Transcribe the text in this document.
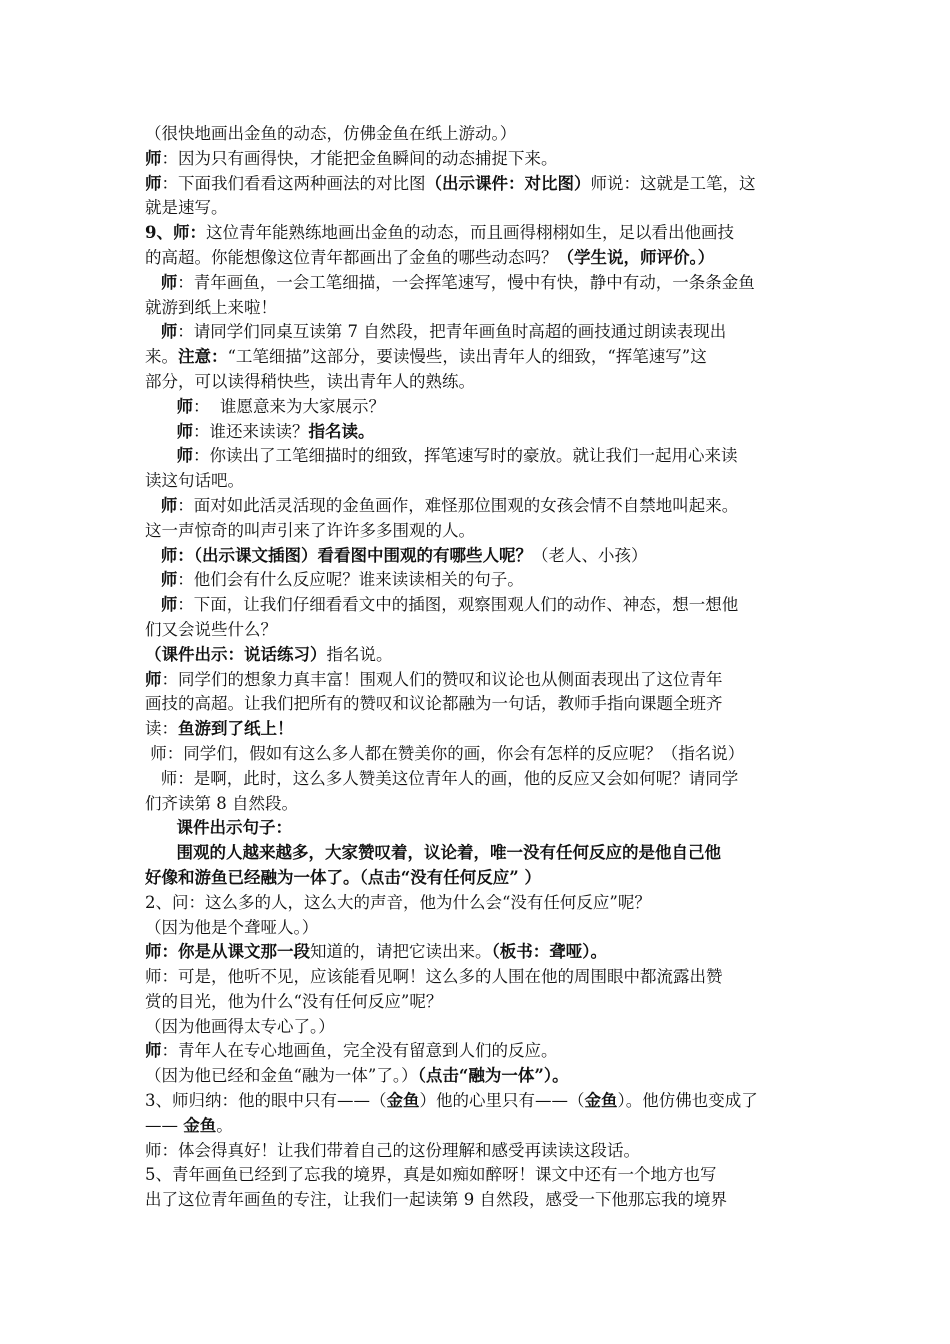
（很快地画出金鱼的动态，仿佛金鱼在纸上游动。）
师：因为只有画得快，才能把金鱼瞬间的动态捕捉下来。
师：下面我们看看这两种画法的对比图（出示课件：对比图）师说：这就是工笔，这
就是速写。
9、师：这位青年能熟练地画出金鱼的动态，而且画得栩栩如生，足以看出他画技
的高超。你能想像这位青年都画出了金鱼的哪些动态吗？（学生说，师评价。）
师：青年画鱼，一会工笔细描，一会挥笔速写，慢中有快，静中有动，一条条金鱼
就游到纸上来啦！
师：请同学们同桌互读第 7 自然段，把青年画鱼时高超的画技通过朗读表现出
来。注意：“工笔细描”这部分，要读慢些，读出青年人的细致，“挥笔速写”这
部分，可以读得稍快些，读出青年人的熟练。
师：  谁愿意来为大家展示？
师：谁还来读读？指名读。
师：你读出了工笔细描时的细致，挥笔速写时的豪放。就让我们一起用心来读
读这句话吧。
师：面对如此活灵活现的金鱼画作，难怪那位围观的女孩会情不自禁地叫起来。
这一声惊奇的叫声引来了许许多多围观的人。
师：（出示课文插图）看看图中围观的有哪些人呢？（老人、小孩）
师：他们会有什么反应呢？谁来读读相关的句子。
师：下面，让我们仔细看看文中的插图，观察围观人们的动作、神态，想一想他
们又会说些什么？
（课件出示：说话练习）指名说。
师：同学们的想象力真丰富！围观人们的赞叹和议论也从侧面表现出了这位青年
画技的高超。让我们把所有的赞叹和议论都融为一句话，教师手指向课题全班齐
读：鱼游到了纸上！
师：同学们，假如有这么多人都在赞美你的画，你会有怎样的反应呢？（指名说）
师：是啊，此时，这么多人赞美这位青年人的画，他的反应又会如何呢？请同学
们齐读第 8 自然段。
课件出示句子：
围观的人越来越多，大家赞叹着，议论着，唯一没有任何反应的是他自己他
好像和游鱼已经融为一体了。（点击“没有任何反应” ）
2、问：这么多的人，这么大的声音，他为什么会“没有任何反应”呢？
（因为他是个聋哑人。）
师：你是从课文那一段知道的，请把它读出来。（板书：聋哑）。
师：可是，他听不见，应该能看见啊！这么多的人围在他的周围眼中都流露出赞
赏的目光，他为什么“没有任何反应”呢？
（因为他画得太专心了。）
师：青年人在专心地画鱼，完全没有留意到人们的反应。
（因为他已经和金鱼“融为一体”了。）（点击“融为一体”）。
3、师归纳：他的眼中只有——（金鱼）他的心里只有——（金鱼）。他仿佛也变成了
—— 金鱼。
师：体会得真好！让我们带着自己的这份理解和感受再读读这段话。
5、青年画鱼已经到了忘我的境界，真是如痴如醉呀！课文中还有一个地方也写
出了这位青年画鱼的专注，让我们一起读第 9 自然段，感受一下他那忘我的境界
